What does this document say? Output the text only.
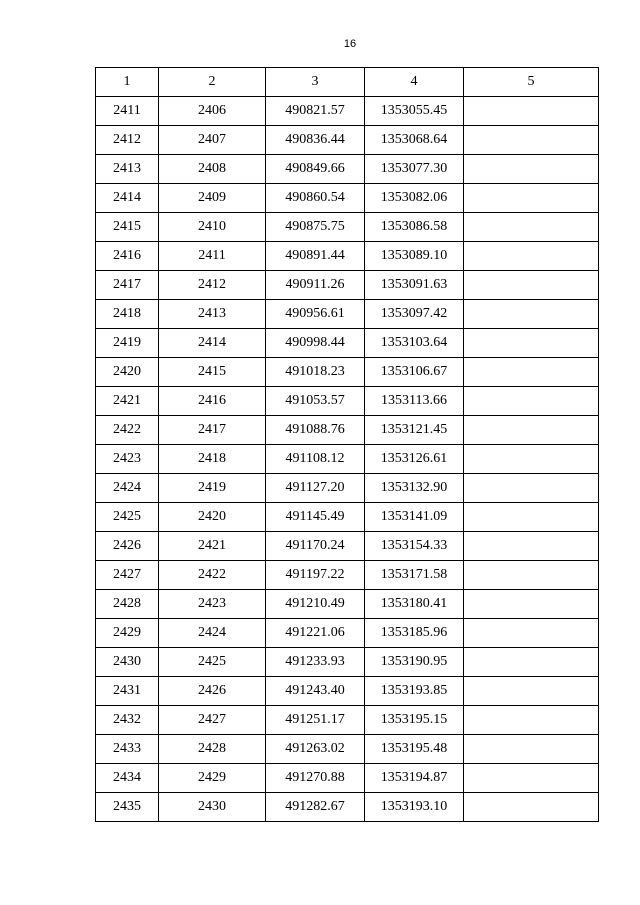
16
1	2	3	4	5
2411	2406	490821.57	1353055.45	
2412	2407	490836.44	1353068.64	
2413	2408	490849.66	1353077.30	
2414	2409	490860.54	1353082.06	
2415	2410	490875.75	1353086.58	
2416	2411	490891.44	1353089.10	
2417	2412	490911.26	1353091.63	
2418	2413	490956.61	1353097.42	
2419	2414	490998.44	1353103.64	
2420	2415	491018.23	1353106.67	
2421	2416	491053.57	1353113.66	
2422	2417	491088.76	1353121.45	
2423	2418	491108.12	1353126.61	
2424	2419	491127.20	1353132.90	
2425	2420	491145.49	1353141.09	
2426	2421	491170.24	1353154.33	
2427	2422	491197.22	1353171.58	
2428	2423	491210.49	1353180.41	
2429	2424	491221.06	1353185.96	
2430	2425	491233.93	1353190.95	
2431	2426	491243.40	1353193.85	
2432	2427	491251.17	1353195.15	
2433	2428	491263.02	1353195.48	
2434	2429	491270.88	1353194.87	
2435	2430	491282.67	1353193.10	
